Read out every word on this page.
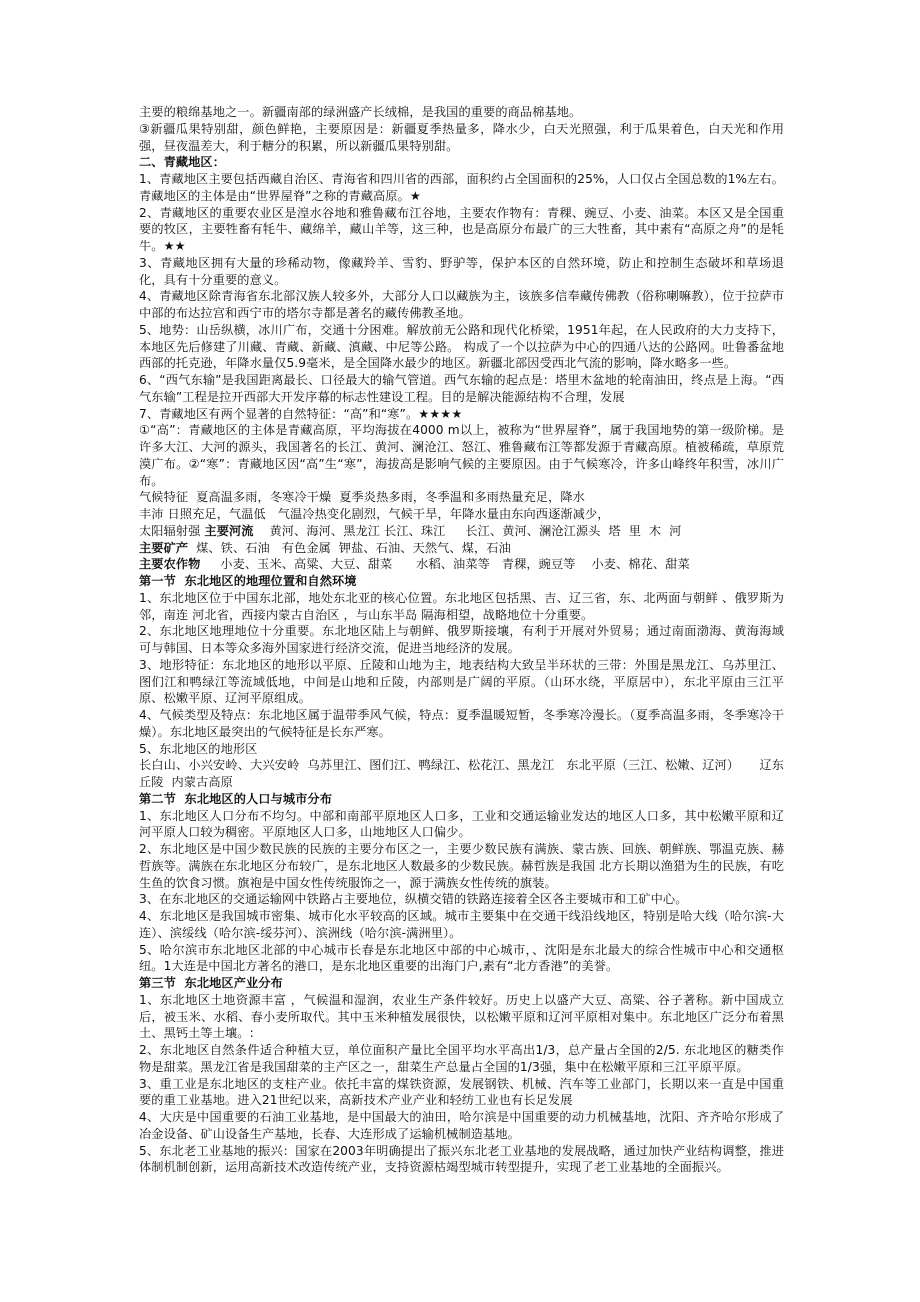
主要的粮绵基地之一。新疆南部的绿洲盛产长绒棉，是我国的重要的商品棉基地。

③新疆瓜果特别甜，颜色鲜艳，主要原因是：新疆夏季热量多，降水少，白天光照强，利于瓜果着色，白天光和作用强，昼夜温差大，利于糖分的积累，所以新疆瓜果特别甜。

二、青藏地区：

1、青藏地区主要包括西藏自治区、青海省和四川省的西部，面积约占全国面积的25%，人口仅占全国总数的1%左右。青藏地区的主体是由“世界屋脊”之称的青藏高原。★

2、青藏地区的重要农业区是湟水谷地和雅鲁藏布江谷地，主要农作物有：青稞、豌豆、小麦、油菜。本区又是全国重要的牧区，主要牲畜有牦牛、藏绵羊，藏山羊等，这三种，也是高原分布最广的三大牲畜，其中素有“高原之舟”的是牦牛。★★

3、青藏地区拥有大量的珍稀动物，像藏羚羊、雪豹、野驴等，保护本区的自然环境，防止和控制生态破坏和草场退化，具有十分重要的意义。

4、青藏地区除青海省东北部汉族人较多外，大部分人口以藏族为主，该族多信奉藏传佛教（俗称喇嘛教），位于拉萨市中部的布达拉宫和西宁市的塔尔寺都是著名的藏传佛教圣地。

5、地势：山岳纵横，冰川广布，交通十分困难。解放前无公路和现代化桥梁，1951年起，在人民政府的大力支持下，本地区先后修建了川藏、青藏、新藏、滇藏、中尼等公路。 构成了一个以拉萨为中心的四通八达的公路网。吐鲁番盆地西部的托克逊，年降水量仅5.9毫米，是全国降水最少的地区。新疆北部因受西北气流的影响，降水略多一些。

6、“西气东输”是我国距离最长、口径最大的输气管道。西气东输的起点是：塔里木盆地的轮南油田，终点是上海。“西气东输”工程是拉开西部大开发序幕的标志性建设工程。目的是解决能源结构不合理，发展

7、青藏地区有两个显著的自然特征：“高”和“寒”。★★★★

①“高”：青藏地区的主体是青藏高原，平均海拔在4000 m以上，被称为“世界屋脊”，属于我国地势的第一级阶梯。是许多大江、大河的源头，我国著名的长江、黄河、澜沧江、怒江、雅鲁藏布江等都发源于青藏高原。植被稀疏，草原荒漠广布。②“寒”：青藏地区因“高”生“寒”，海拔高是影响气候的主要原因。由于气候寒冷，许多山峰终年积雪，冰川广布。

气候特征  夏高温多雨，冬寒冷干燥  夏季炎热多雨，冬季温和多雨热量充足，降水

丰沛 日照充足，气温低   气温冷热变化剧烈，气候干旱，年降水量由东向西逐渐减少，

太阳辐射强 主要河流    黄河、海河、黑龙江 长江、珠江     长江、黄河、澜沧江源头  塔  里  木  河

主要矿产  煤、铁、石油   有色金属  钾盐、石油、天然气、煤，石油

主要农作物     小麦、玉米、高粱、大豆、甜菜      水稻、油菜等   青稞，豌豆等    小麦、棉花、甜菜

第一节  东北地区的地理位置和自然环境

1、东北地区位于中国东北部，地处东北亚的核心位置。东北地区包括黑、吉、辽三省，东、北两面与朝鲜 、俄罗斯为邻，南连 河北省，西接内蒙古自治区 ，与山东半岛 隔海相望，战略地位十分重要。

2、东北地区地理地位十分重要。东北地区陆上与朝鲜、俄罗斯接壤，有利于开展对外贸易；通过南面渤海、黄海海域可与韩国、日本等众多海外国家进行经济交流，促进当地经济的发展。

3、地形特征：东北地区的地形以平原、丘陵和山地为主，地表结构大致呈半环状的三带：外围是黑龙江、乌苏里江、图们江和鸭绿江等流域低地，中间是山地和丘陵，内部则是广阔的平原。（山环水绕，平原居中），东北平原由三江平原、松嫩平原、辽河平原组成。

4、气候类型及特点：东北地区属于温带季风气候，特点：夏季温暖短暂，冬季寒冷漫长。（夏季高温多雨，冬季寒冷干燥）。东北地区最突出的气候特征是长东严寒。

5、东北地区的地形区

长白山、小兴安岭、大兴安岭  乌苏里江、图们江、鸭绿江、松花江、黑龙江   东北平原（三江、松嫩、辽河）     辽东丘陵  内蒙古高原

第二节  东北地区的人口与城市分布

1、东北地区人口分布不均匀。中部和南部平原地区人口多，工业和交通运输业发达的地区人口多，其中松嫩平原和辽河平原人口较为稠密。平原地区人口多，山地地区人口偏少。

2、东北地区是中国少数民族的民族的主要分布区之一，主要少数民族有满族、蒙古族、回族、朝鲜族、鄂温克族、赫哲族等。满族在东北地区分布较广，是东北地区人数最多的少数民族。赫哲族是我国 北方长期以渔猎为生的民族，有吃生鱼的饮食习惯。旗袍是中国女性传统服饰之一，源于满族女性传统的旗装。

3、在东北地区的交通运输网中铁路占主要地位，纵横交错的铁路连接着全区各主要城市和工矿中心。

4、东北地区是我国城市密集、城市化水平较高的区域。城市主要集中在交通干线沿线地区，特别是哈大线（哈尔滨-大连）、滨绥线（哈尔滨-绥芬河）、滨洲线（哈尔滨-满洲里）。

5、哈尔滨市东北地区北部的中心城市长春是东北地区中部的中心城市，、沈阳是东北最大的综合性城市中心和交通枢纽。1大连是中国北方著名的港口，是东北地区重要的出海门户,素有“北方香港”的美誉。

第三节  东北地区产业分布

1、东北地区土地资源丰富 ，气候温和湿润，农业生产条件较好。历史上以盛产大豆、高粱、谷子著称。新中国成立后，被玉米、水稻、春小麦所取代。其中玉米种植发展很快，以松嫩平原和辽河平原相对集中。东北地区广泛分布着黑土、黑钙土等土壤。:

2、东北地区自然条件适合种植大豆，单位面积产量比全国平均水平高出1/3，总产量占全国的2/5. 东北地区的糖类作物是甜菜。黑龙江省是我国甜菜的主产区之一，甜菜生产总量占全国的1/3强，集中在松嫩平原和三江平原平原。

3、重工业是东北地区的支柱产业。依托丰富的煤铁资源，发展钢铁、机械、汽车等工业部门，长期以来一直是中国重要的重工业基地。进入21世纪以来，高新技术产业产业和轻纺工业也有长足发展

4、大庆是中国重要的石油工业基地，是中国最大的油田，哈尔滨是中国重要的动力机械基地，沈阳、齐齐哈尔形成了冶金设备、矿山设备生产基地，长春、大连形成了运输机械制造基地。

5、东北老工业基地的振兴：国家在2003年明确提出了振兴东北老工业基地的发展战略，通过加快产业结构调整，推进体制机制创新，运用高新技术改造传统产业，支持资源枯竭型城市转型提升，实现了老工业基地的全面振兴。
